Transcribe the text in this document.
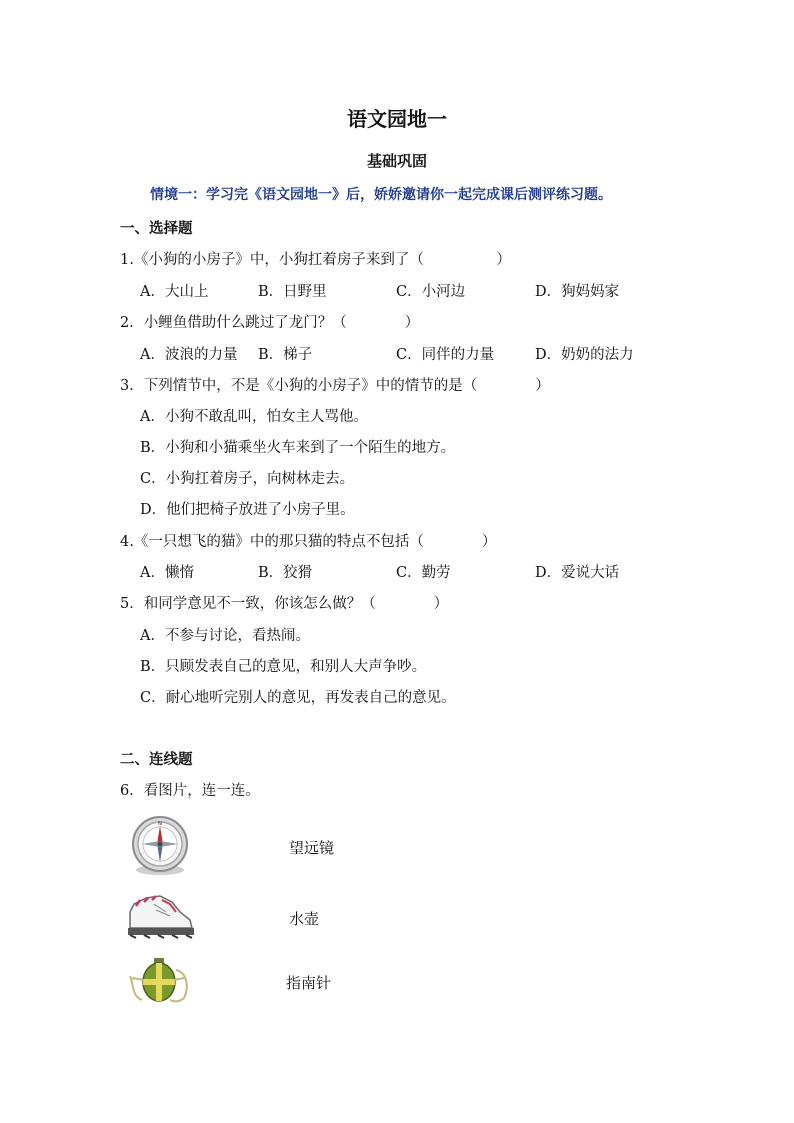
语文园地一
基础巩固
情境一：学习完《语文园地一》后，娇娇邀请你一起完成课后测评练习题。
一、选择题
1.《小狗的小房子》中，小狗扛着房子来到了（　　　　　）
A．大山上	B．日野里	C．小河边	D．狗妈妈家
2．小鲤鱼借助什么跳过了龙门？（　　　　）
A．波浪的力量 B．梯子	C．同伴的力量	D．奶奶的法力
3．下列情节中，不是《小狗的小房子》中的情节的是（　　　　）
A．小狗不敢乱叫，怕女主人骂他。
B．小狗和小猫乘坐火车来到了一个陌生的地方。
C．小狗扛着房子，向树林走去。
D．他们把椅子放进了小房子里。
4.《一只想飞的猫》中的那只猫的特点不包括（　　　　）
A．懒惰	B．狡猾	C．勤劳	D．爱说大话
5．和同学意见不一致，你该怎么做？（　　　　）
A．不参与讨论，看热闹。
B．只顾发表自己的意见，和别人大声争吵。
C．耐心地听完别人的意见，再发表自己的意见。
二、连线题
6．看图片，连一连。
N
望远镜
水壶
指南针
